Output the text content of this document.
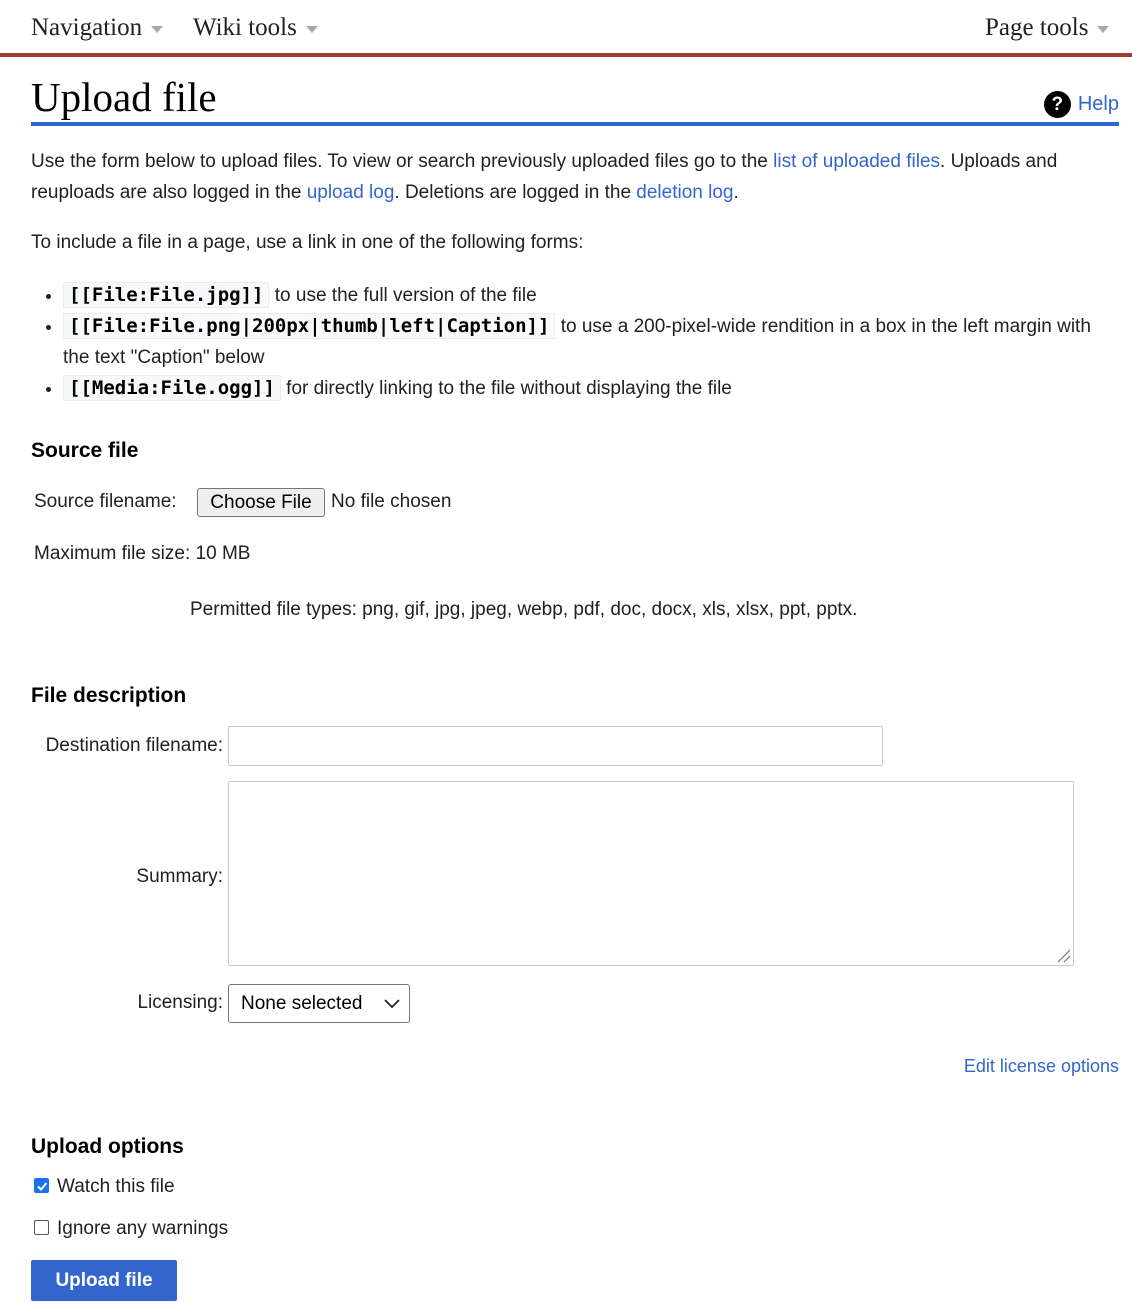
Navigation Wiki tools	Page tools
Upload file	? Help

Use the form below to upload files. To view or search previously uploaded files go to the list of uploaded files. Uploads and reuploads are also logged in the upload log. Deletions are logged in the deletion log.

To include a file in a page, use a link in one of the following forms:

• [[File:File.jpg]] to use the full version of the file
• [[File:File.png|200px|thumb|left|Caption]] to use a 200-pixel-wide rendition in a box in the left margin with the text "Caption" below
• [[Media:File.ogg]] for directly linking to the file without displaying the file
Source file
Source filename:	Choose File	No file chosen
Maximum file size: 10 MB
Permitted file types: png, gif, jpg, jpeg, webp, pdf, doc, docx, xls, xlsx, ppt, pptx.
File description
Destination filename:
Summary:
Licensing: None selected
Edit license options
Upload options
Watch this file
Ignore any warnings
Upload file
